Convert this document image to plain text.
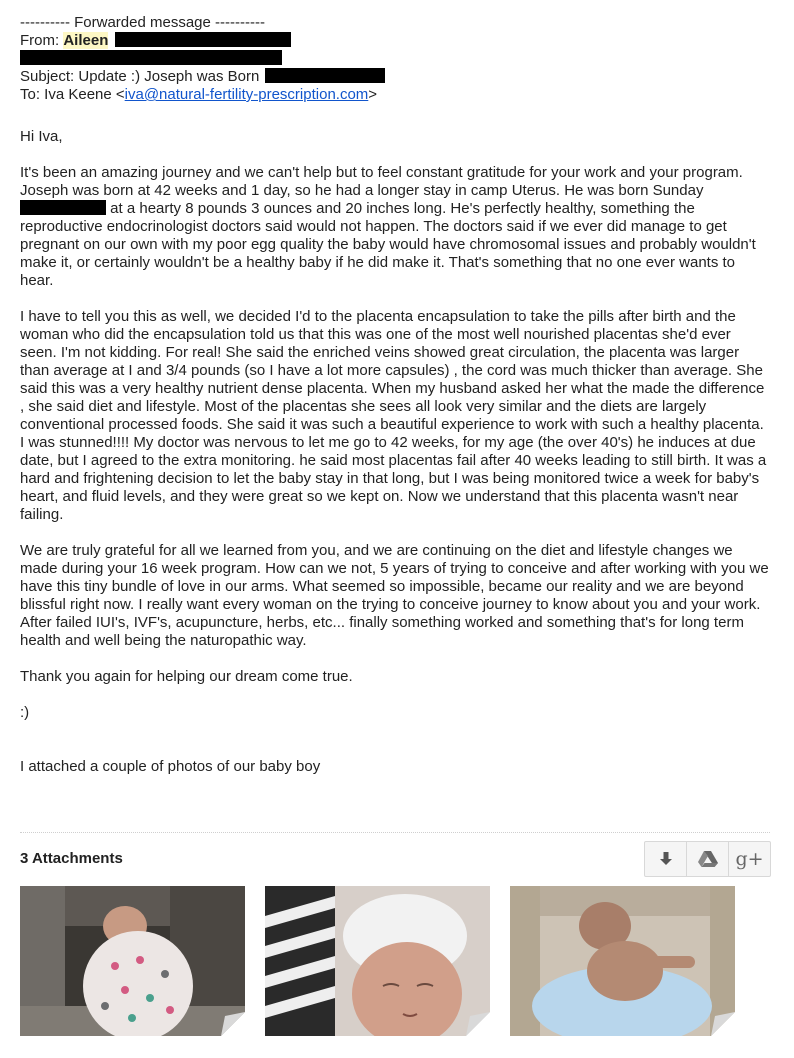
---------- Forwarded message ----------
From: Aileen
Subject: Update :) Joseph was Born
To: Iva Keene <iva@natural-fertility-prescription.com>
Hi Iva,
It's been an amazing journey and we can't help but to feel constant gratitude for your work and your program. Joseph was born at 42 weeks and 1 day, so he had a longer stay in camp Uterus. He was born Sunday  at a hearty 8 pounds 3 ounces and 20 inches long. He's perfectly healthy, something the reproductive endocrinologist doctors said would not happen. The doctors said if we ever did manage to get pregnant on our own with my poor egg quality the baby would have chromosomal issues and probably wouldn't make it, or certainly wouldn't be a healthy baby if he did make it. That's something that no one ever wants to hear.
I have to tell you this as well, we decided I'd to the placenta encapsulation to take the pills after birth and the woman who did the encapsulation told us that this was one of the most well nourished placentas she'd ever seen. I'm not kidding. For real! She said the enriched veins showed great circulation, the placenta was larger than average at I and 3/4 pounds (so I have a lot more capsules) , the cord was much thicker than average. She said this was a very healthy nutrient dense placenta. When my husband asked her what the made the difference , she said diet and lifestyle. Most of the placentas she sees all look very similar and the diets are largely conventional processed foods. She said it was such a beautiful experience to work with such a healthy placenta. I was stunned!!!! My doctor was nervous to let me go to 42 weeks, for my age (the over 40's) he induces at due date, but I agreed to the extra monitoring. he said most placentas fail after 40 weeks leading to still birth. It was a hard and frightening decision to let the baby stay in that long, but I was being monitored twice a week for baby's heart, and fluid levels, and they were great so we kept on. Now we understand that this placenta wasn't near failing.
We are truly grateful for all we learned from you, and we are continuing on the diet and lifestyle changes we made during your 16 week program. How can we not, 5 years of trying to conceive and after working with you we have this tiny bundle of love in our arms. What seemed so impossible, became our reality and we are beyond blissful right now. I really want every woman on the trying to conceive journey to know about you and your work. After failed IUI's, IVF's, acupuncture, herbs, etc... finally something worked and something that's for long term health and well being the naturopathic way.
Thank you again for helping our dream come true.
:)
I attached a couple of photos of our baby boy
3 Attachments	g+
